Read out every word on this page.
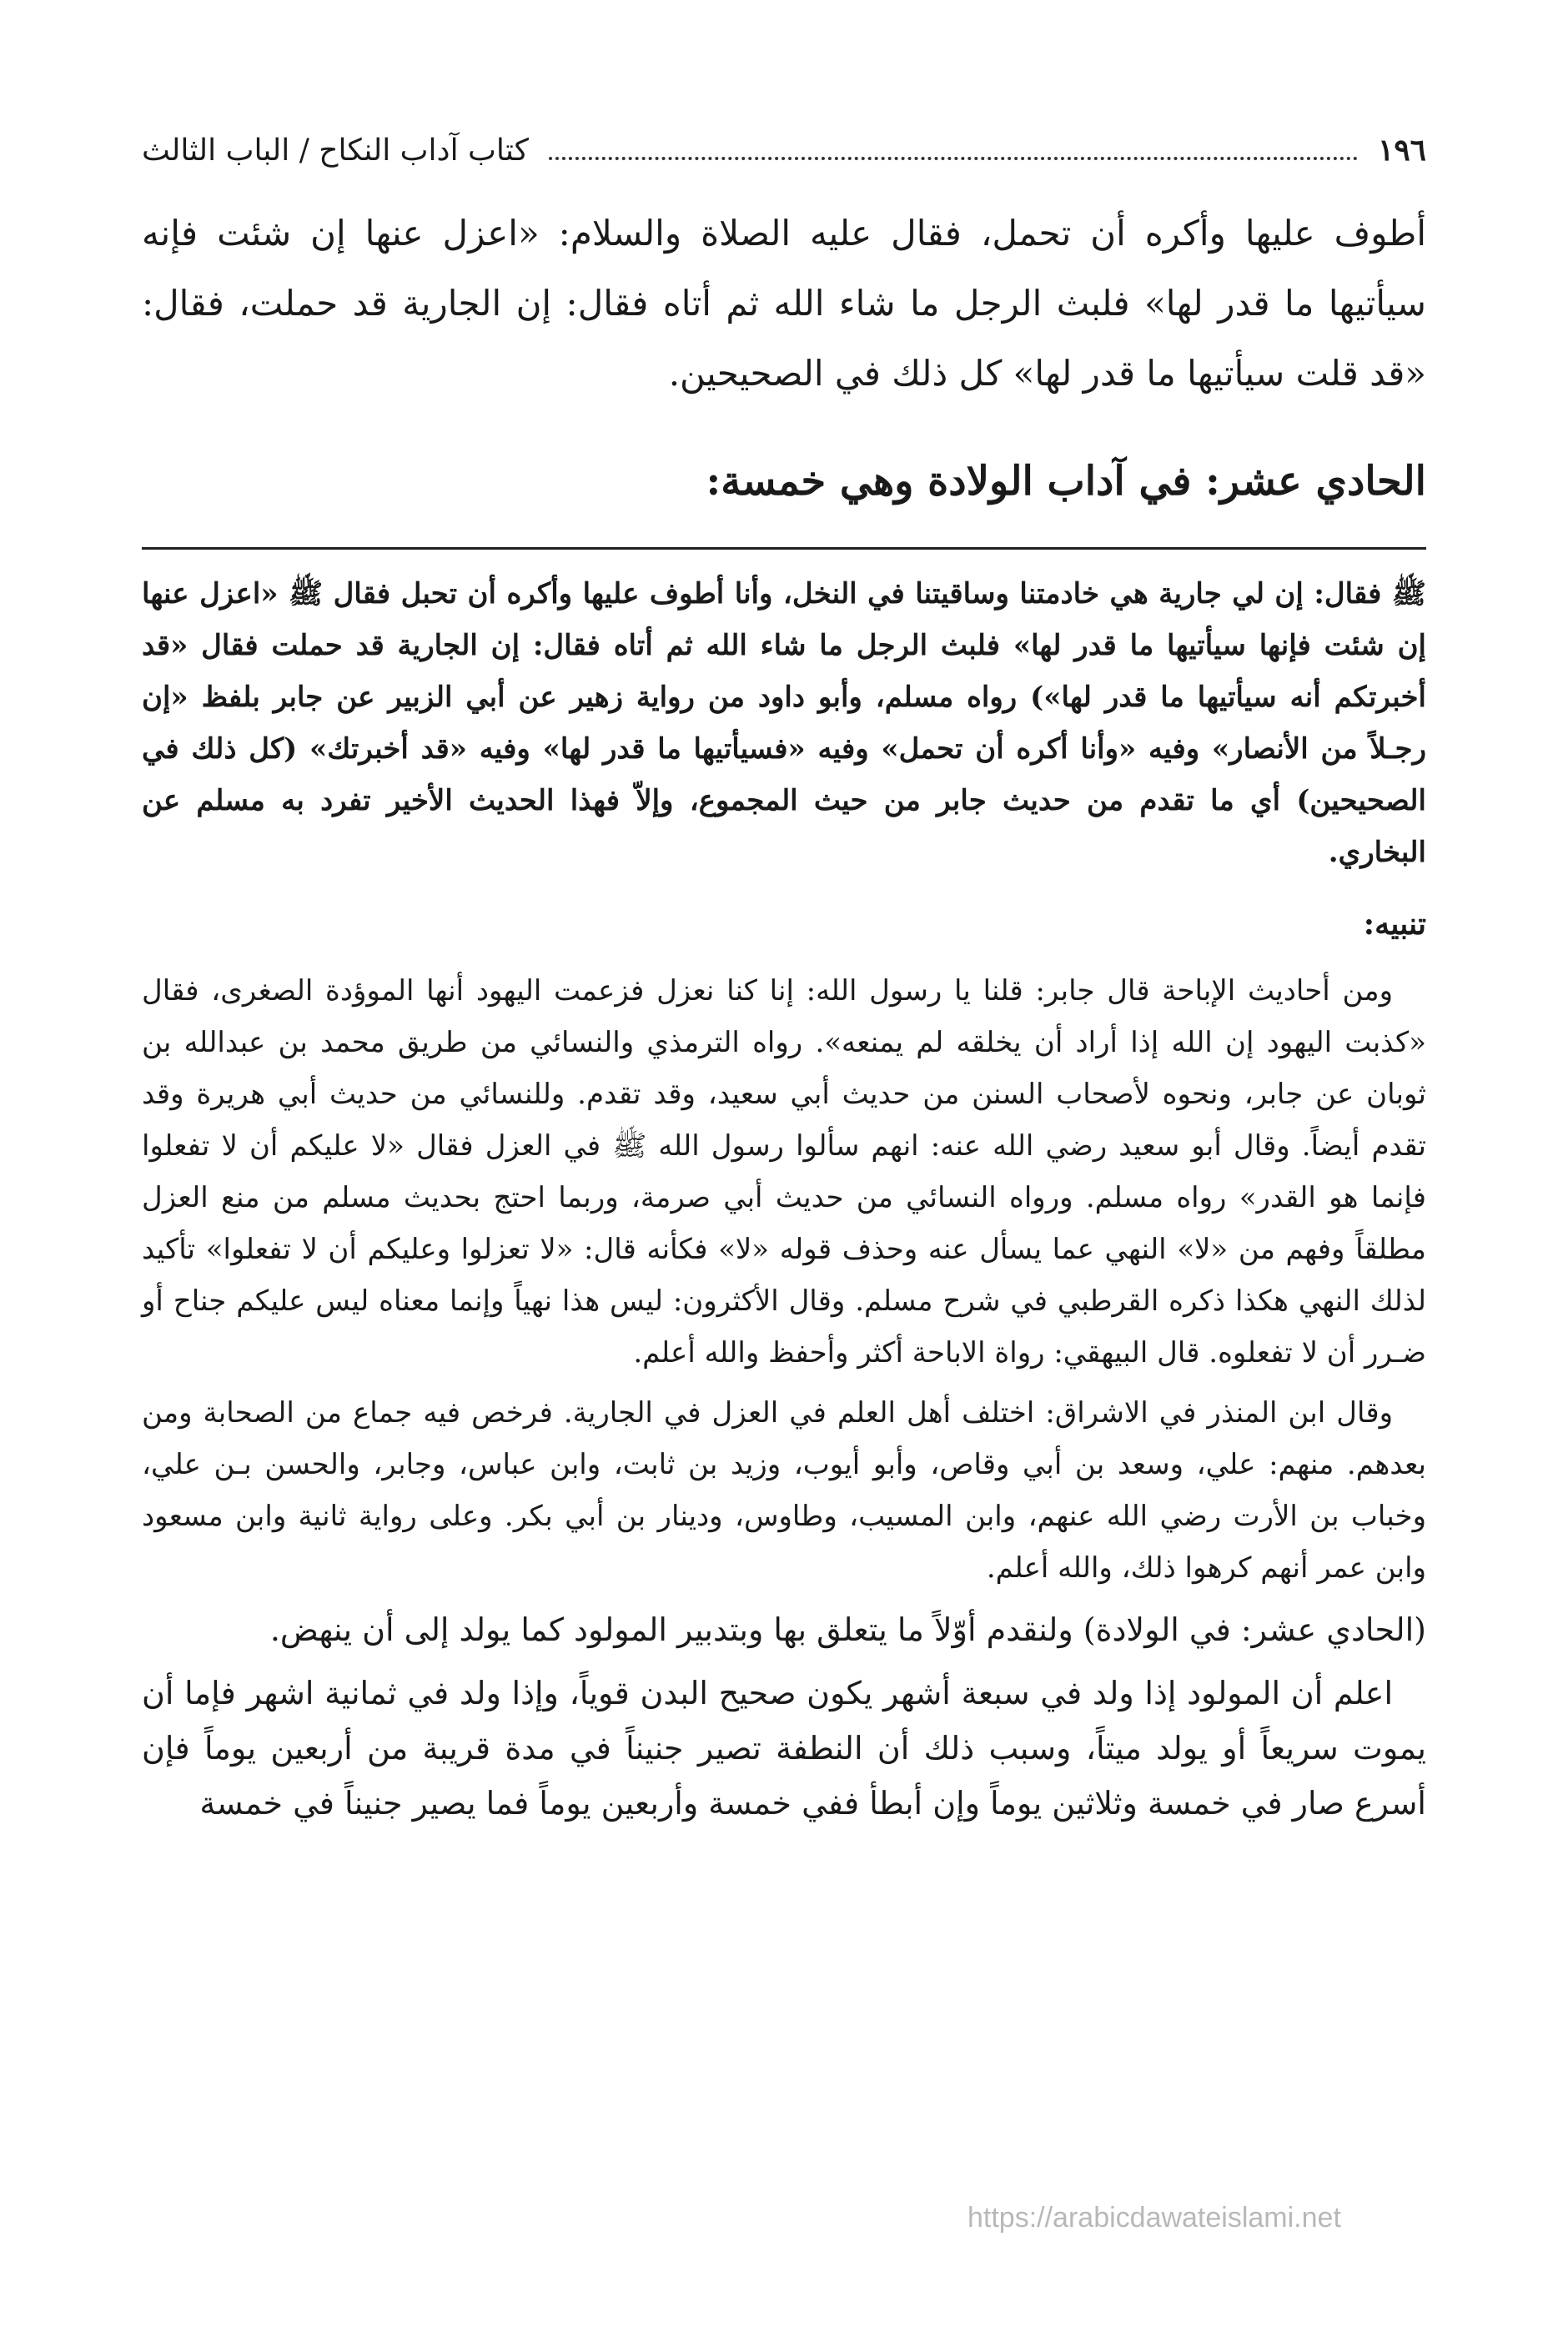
١٩٦
كتاب آداب النكاح / الباب الثالث

أطوف عليها وأكره أن تحمل، فقال عليه الصلاة والسلام: «اعزل عنها إن شئت فإنه سيأتيها ما قدر لها» فلبث الرجل ما شاء الله ثم أتاه فقال: إن الجارية قد حملت، فقال: «قد قلت سيأتيها ما قدر لها» كل ذلك في الصحيحين.

الحادي عشر: في آداب الولادة وهي خمسة:

ﷺ فقال: إن لي جارية هي خادمتنا وساقيتنا في النخل، وأنا أطوف عليها وأكره أن تحبل فقال ﷺ «اعزل عنها إن شئت فإنها سيأتيها ما قدر لها» فلبث الرجل ما شاء الله ثم أتاه فقال: إن الجارية قد حملت فقال «قد أخبرتكم أنه سيأتيها ما قدر لها») رواه مسلم، وأبو داود من رواية زهير عن أبي الزبير عن جابر بلفظ «إن رجـلاً من الأنصار» وفيه «وأنا أكره أن تحمل» وفيه «فسيأتيها ما قدر لها» وفيه «قد أخبرتك» (كل ذلك في الصحيحين) أي ما تقدم من حديث جابر من حيث المجموع، وإلاّ فهذا الحديث الأخير تفرد به مسلم عن البخاري.

تنبيه:

ومن أحاديث الإباحة قال جابر: قلنا يا رسول الله: إنا كنا نعزل فزعمت اليهود أنها الموؤدة الصغرى، فقال «كذبت اليهود إن الله إذا أراد أن يخلقه لم يمنعه». رواه الترمذي والنسائي من طريق محمد بن عبدالله بن ثوبان عن جابر، ونحوه لأصحاب السنن من حديث أبي سعيد، وقد تقدم. وللنسائي من حديث أبي هريرة وقد تقدم أيضاً. وقال أبو سعيد رضي الله عنه: انهم سألوا رسول الله ﷺ في العزل فقال «لا عليكم أن لا تفعلوا فإنما هو القدر» رواه مسلم. ورواه النسائي من حديث أبي صرمة، وربما احتج بحديث مسلم من منع العزل مطلقاً وفهم من «لا» النهي عما يسأل عنه وحذف قوله «لا» فكأنه قال: «لا تعزلوا وعليكم أن لا تفعلوا» تأكيد لذلك النهي هكذا ذكره القرطبي في شرح مسلم. وقال الأكثرون: ليس هذا نهياً وإنما معناه ليس عليكم جناح أو ضـرر أن لا تفعلوه. قال البيهقي: رواة الاباحة أكثر وأحفظ والله أعلم.

وقال ابن المنذر في الاشراق: اختلف أهل العلم في العزل في الجارية. فرخص فيه جماع من الصحابة ومن بعدهم. منهم: علي، وسعد بن أبي وقاص، وأبو أيوب، وزيد بن ثابت، وابن عباس، وجابر، والحسن بـن علي، وخباب بن الأرت رضي الله عنهم، وابن المسيب، وطاوس، ودينار بن أبي بكر. وعلى رواية ثانية وابن مسعود وابن عمر أنهم كرهوا ذلك، والله أعلم.

(الحادي عشر: في الولادة) ولنقدم أوّلاً ما يتعلق بها وبتدبير المولود كما يولد إلى أن ينهض.

اعلم أن المولود إذا ولد في سبعة أشهر يكون صحيح البدن قوياً، وإذا ولد في ثمانية اشهر فإما أن يموت سريعاً أو يولد ميتاً، وسبب ذلك أن النطفة تصير جنيناً في مدة قريبة من أربعين يوماً فإن أسرع صار في خمسة وثلاثين يوماً وإن أبطأ ففي خمسة وأربعين يوماً فما يصير جنيناً في خمسة

https://arabicdawateislami.net
